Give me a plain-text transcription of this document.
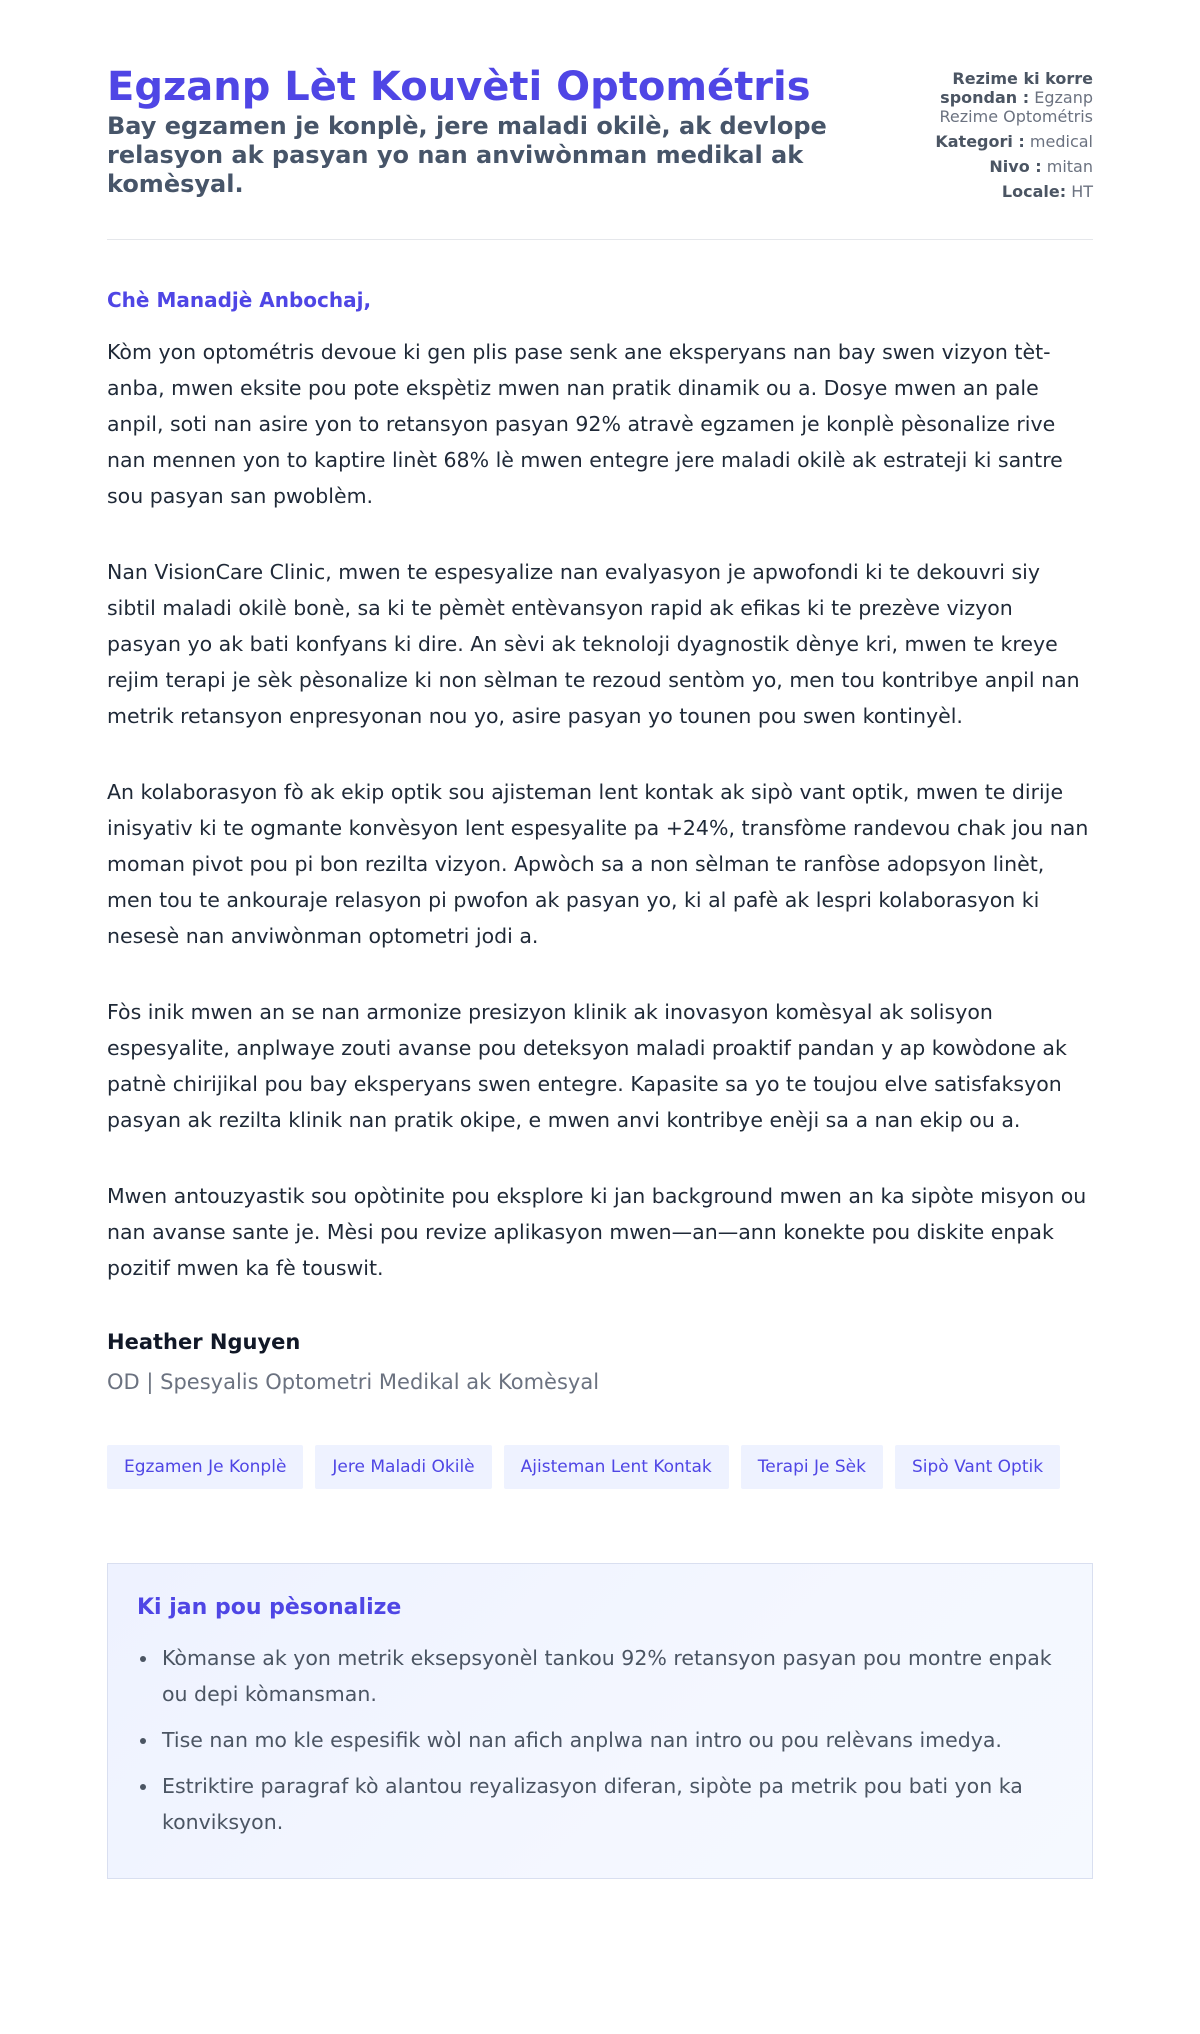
Egzanp Lèt Kouvèti Optométris

Bay egzamen je konplè, jere maladi okilè, ak devlope relasyon ak pasyan yo nan anviwònman medikal ak komèsyal.

Rezime ki korre spondan : Egzanp Rezime Optométris
Kategori : medical
Nivo : mitan
Locale: HT

Chè Manadjè Anbochaj,

Kòm yon optométris devoue ki gen plis pase senk ane eksperyans nan bay swen vizyon tèt-anba, mwen eksite pou pote ekspètiz mwen nan pratik dinamik ou a. Dosye mwen an pale anpil, soti nan asire yon to retansyon pasyan 92% atravè egzamen je konplè pèsonalize rive nan mennen yon to kaptire linèt 68% lè mwen entegre jere maladi okilè ak estrateji ki santre sou pasyan san pwoblèm.

Nan VisionCare Clinic, mwen te espesyalize nan evalyasyon je apwofondi ki te dekouvri siy sibtil maladi okilè bonè, sa ki te pèmèt entèvansyon rapid ak efikas ki te prezève vizyon pasyan yo ak bati konfyans ki dire. An sèvi ak teknoloji dyagnostik dènye kri, mwen te kreye rejim terapi je sèk pèsonalize ki non sèlman te rezoud sentòm yo, men tou kontribye anpil nan metrik retansyon enpresyonan nou yo, asire pasyan yo tounen pou swen kontinyèl.

An kolaborasyon fò ak ekip optik sou ajisteman lent kontak ak sipò vant optik, mwen te dirije inisyativ ki te ogmante konvèsyon lent espesyalite pa +24%, transfòme randevou chak jou nan moman pivot pou pi bon rezilta vizyon. Apwòch sa a non sèlman te ranfòse adopsyon linèt, men tou te ankouraje relasyon pi pwofon ak pasyan yo, ki al pafè ak lespri kolaborasyon ki nesesè nan anviwònman optometri jodi a.

Fòs inik mwen an se nan armonize presizyon klinik ak inovasyon komèsyal ak solisyon espesyalite, anplwaye zouti avanse pou deteksyon maladi proaktif pandan y ap kowòdone ak patnè chirijikal pou bay eksperyans swen entegre. Kapasite sa yo te toujou elve satisfaksyon pasyan ak rezilta klinik nan pratik okipe, e mwen anvi kontribye enèji sa a nan ekip ou a.

Mwen antouzyastik sou opòtinite pou eksplore ki jan background mwen an ka sipòte misyon ou nan avanse sante je. Mèsi pou revize aplikasyon mwen—an—ann konekte pou diskite enpak pozitif mwen ka fè touswit.

Heather Nguyen
OD | Spesyalis Optometri Medikal ak Komèsyal
Egzamen Je Konplè	Jere Maladi Okilè	Ajisteman Lent Kontak	Terapi Je Sèk	Sipò Vant Optik
Ki jan pou pèsonalize
Kòmanse ak yon metrik eksepsyonèl tankou 92% retansyon pasyan pou montre enpak ou depi kòmansman.
Tise nan mo kle espesifik wòl nan afich anplwa nan intro ou pou relèvans imedya.
Estriktire paragraf kò alantou reyalizasyon diferan, sipòte pa metrik pou bati yon ka konviksyon.
